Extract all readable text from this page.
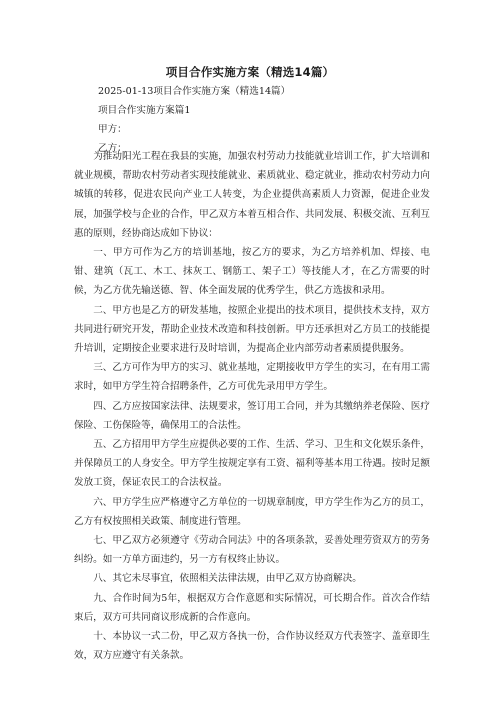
项目合作实施方案（精选14篇）
2025-01-13项目合作实施方案（精选14篇）
项目合作实施方案篇1
甲方：
乙方：

为推动阳光工程在我县的实施，加强农村劳动力技能就业培训工作，扩大培训和就业规模，帮助农村劳动者实现技能就业、素质就业、稳定就业，推动农村劳动力向城镇的转移，促进农民向产业工人转变，为企业提供高素质人力资源，促进企业发展，加强学校与企业的合作，甲乙双方本着互相合作、共同发展、积极交流、互利互惠的原则，经协商达成如下协议：

一、甲方可作为乙方的培训基地，按乙方的要求，为乙方培养机加、焊接、电钳、建筑（瓦工、木工、抹灰工、钢筋工、架子工）等技能人才，在乙方需要的时候，为乙方优先输送德、智、体全面发展的优秀学生，供乙方选拔和录用。

二、甲方也是乙方的研发基地，按照企业提出的技术项目，提供技术支持，双方共同进行研究开发，帮助企业技术改造和科技创新。甲方还承担对乙方员工的技能提升培训，定期按企业要求进行及时培训，为提高企业内部劳动者素质提供服务。

三、乙方可作为甲方的实习、就业基地，定期接收甲方学生的实习，在有用工需求时，如甲方学生符合招聘条件，乙方可优先录用甲方学生。

四、乙方应按国家法律、法规要求，签订用工合同，并为其缴纳养老保险、医疗保险、工伤保险等，确保用工的合法性。

五、乙方招用甲方学生应提供必要的工作、生活、学习、卫生和文化娱乐条件，并保障员工的人身安全。甲方学生按规定享有工资、福利等基本用工待遇。按时足额发放工资，保证农民工的合法权益。

六、甲方学生应严格遵守乙方单位的一切规章制度，甲方学生作为乙方的员工，乙方有权按照相关政策、制度进行管理。

七、甲乙双方必须遵守《劳动合同法》中的各项条款，妥善处理劳资双方的劳务纠纷。如一方单方面违约，另一方有权终止协议。

八、其它未尽事宜，依照相关法律法规，由甲乙双方协商解决。

九、合作时间为5年，根据双方合作意愿和实际情况，可长期合作。首次合作结束后，双方可共同商议形成新的合作意向。

十、本协议一式二份，甲乙双方各执一份，合作协议经双方代表签字、盖章即生效，双方应遵守有关条款。
